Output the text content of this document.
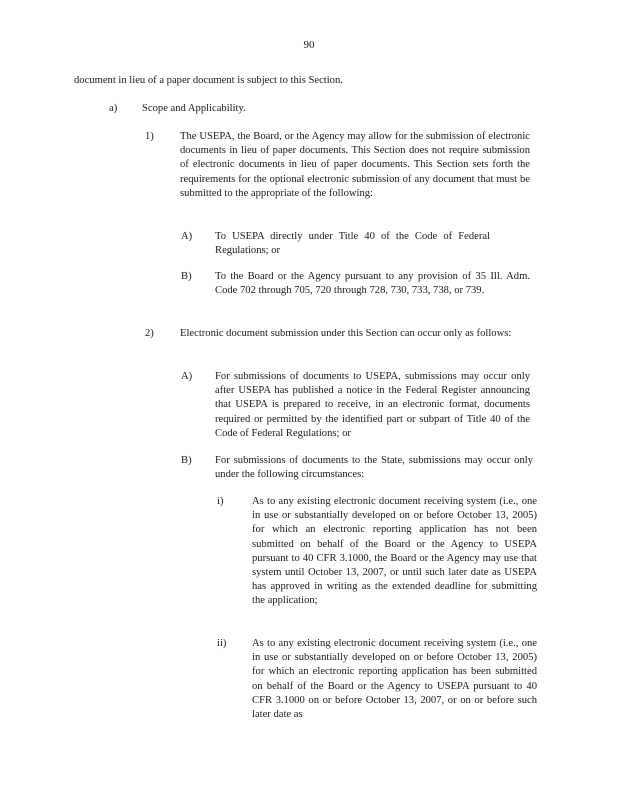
90
document in lieu of a paper document is subject to this Section.
a) Scope and Applicability.
1) The USEPA, the Board, or the Agency may allow for the submission of electronic documents in lieu of paper documents. This Section does not require submission of electronic documents in lieu of paper documents. This Section sets forth the requirements for the optional electronic submission of any document that must be submitted to the appropriate of the following:
A) To USEPA directly under Title 40 of the Code of Federal Regulations; or
B) To the Board or the Agency pursuant to any provision of 35 Ill. Adm. Code 702 through 705, 720 through 728, 730, 733, 738, or 739.
2) Electronic document submission under this Section can occur only as follows:
A) For submissions of documents to USEPA, submissions may occur only after USEPA has published a notice in the Federal Register announcing that USEPA is prepared to receive, in an electronic format, documents required or permitted by the identified part or subpart of Title 40 of the Code of Federal Regulations; or
B) For submissions of documents to the State, submissions may occur only under the following circumstances:
i)	As to any existing electronic document receiving system (i.e., one in use or substantially developed on or before October 13, 2005) for which an electronic reporting application has not been submitted on behalf of the Board or the Agency to USEPA pursuant to 40 CFR 3.1000, the Board or the Agency may use that system until October 13, 2007, or until such later date as USEPA has approved in writing as the extended deadline for submitting the application;
ii) As to any existing electronic document receiving system (i.e., one in use or substantially developed on or before October 13, 2005) for which an electronic reporting application has been submitted on behalf of the Board or the Agency to USEPA pursuant to 40 CFR 3.1000 on or before October 13, 2007, or on or before such later date as
